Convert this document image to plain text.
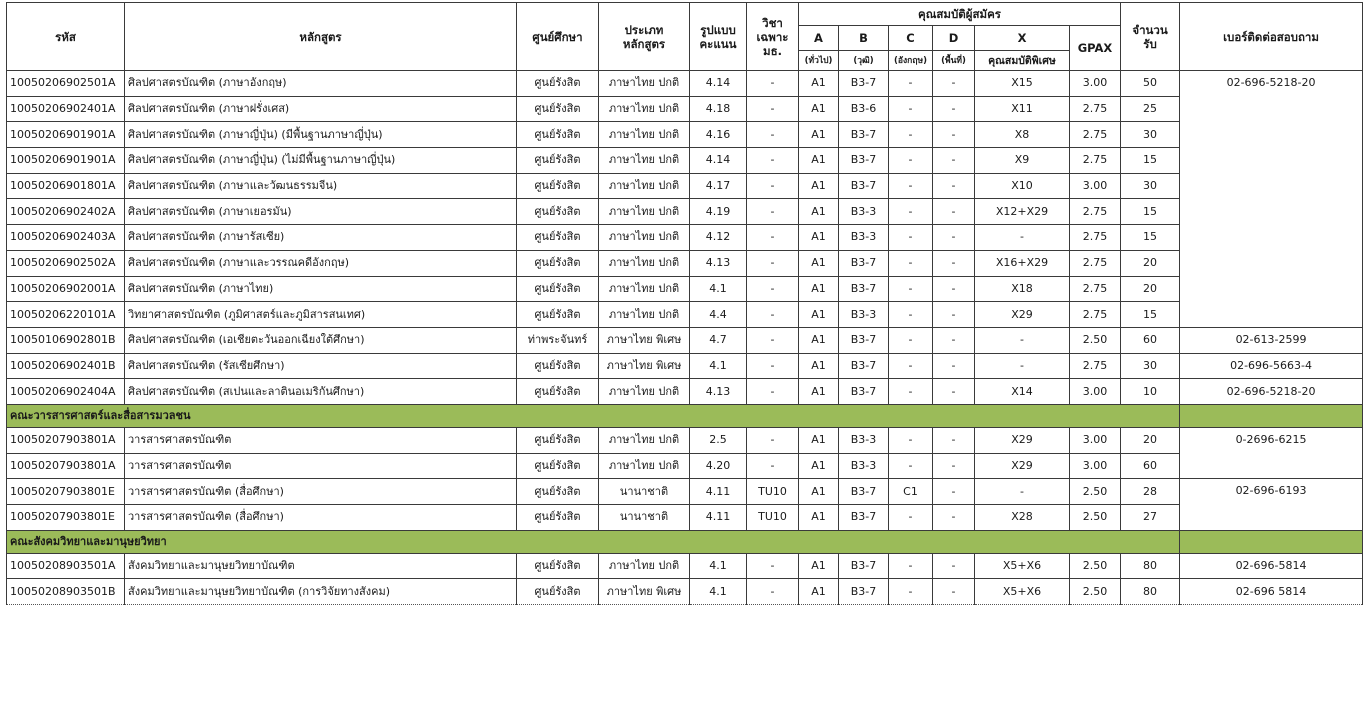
รหัส	หลักสูตร	ศูนย์ศึกษา	ประเภท หลักสูตร	รูปแบบ คะแนน	วิชา เฉพาะ มธ.	คุณสมบัติผู้สมัคร						จำนวน รับ	เบอร์ติดต่อสอบถาม
						A	B	C	D	X	GPAX		
						(ทั่วไป)	(วุฒิ)	(อังกฤษ)	(พื้นที่)	คุณสมบัติพิเศษ			
10050206902501A	ศิลปศาสตรบัณฑิต (ภาษาอังกฤษ)	ศูนย์รังสิต	ภาษาไทย ปกติ	4.14	-	A1	B3-7	-	-	X15	3.00	50	02-696-5218-20
10050206902401A	ศิลปศาสตรบัณฑิต (ภาษาฝรั่งเศส)	ศูนย์รังสิต	ภาษาไทย ปกติ	4.18	-	A1	B3-6	-	-	X11	2.75	25	
10050206901901A	ศิลปศาสตรบัณฑิต (ภาษาญี่ปุ่น) (มีพื้นฐานภาษาญี่ปุ่น)	ศูนย์รังสิต	ภาษาไทย ปกติ	4.16	-	A1	B3-7	-	-	X8	2.75	30	
10050206901901A	ศิลปศาสตรบัณฑิต (ภาษาญี่ปุ่น) (ไม่มีพื้นฐานภาษาญี่ปุ่น)	ศูนย์รังสิต	ภาษาไทย ปกติ	4.14	-	A1	B3-7	-	-	X9	2.75	15	
10050206901801A	ศิลปศาสตรบัณฑิต (ภาษาและวัฒนธรรมจีน)	ศูนย์รังสิต	ภาษาไทย ปกติ	4.17	-	A1	B3-7	-	-	X10	3.00	30	
10050206902402A	ศิลปศาสตรบัณฑิต (ภาษาเยอรมัน)	ศูนย์รังสิต	ภาษาไทย ปกติ	4.19	-	A1	B3-3	-	-	X12+X29	2.75	15	
10050206902403A	ศิลปศาสตรบัณฑิต (ภาษารัสเซีย)	ศูนย์รังสิต	ภาษาไทย ปกติ	4.12	-	A1	B3-3	-	-	-	2.75	15	
10050206902502A	ศิลปศาสตรบัณฑิต (ภาษาและวรรณคดีอังกฤษ)	ศูนย์รังสิต	ภาษาไทย ปกติ	4.13	-	A1	B3-7	-	-	X16+X29	2.75	20	
10050206902001A	ศิลปศาสตรบัณฑิต (ภาษาไทย)	ศูนย์รังสิต	ภาษาไทย ปกติ	4.1	-	A1	B3-7	-	-	X18	2.75	20	
10050206220101A	วิทยาศาสตรบัณฑิต (ภูมิศาสตร์และภูมิสารสนเทศ)	ศูนย์รังสิต	ภาษาไทย ปกติ	4.4	-	A1	B3-3	-	-	X29	2.75	15	
10050106902801B	ศิลปศาสตรบัณฑิต (เอเชียตะวันออกเฉียงใต้ศึกษา)	ท่าพระจันทร์	ภาษาไทย พิเศษ	4.7	-	A1	B3-7	-	-	-	2.50	60	02-613-2599
10050206902401B	ศิลปศาสตรบัณฑิต (รัสเซียศึกษา)	ศูนย์รังสิต	ภาษาไทย พิเศษ	4.1	-	A1	B3-7	-	-	-	2.75	30	02-696-5663-4
10050206902404A	ศิลปศาสตรบัณฑิต (สเปนและลาตินอเมริกันศึกษา)	ศูนย์รังสิต	ภาษาไทย ปกติ	4.13	-	A1	B3-7	-	-	X14	3.00	10	02-696-5218-20
คณะวารสารศาสตร์และสื่อสารมวลชน													
10050207903801A	วารสารศาสตรบัณฑิต	ศูนย์รังสิต	ภาษาไทย ปกติ	2.5	-	A1	B3-3	-	-	X29	3.00	20	0-2696-6215
10050207903801A	วารสารศาสตรบัณฑิต	ศูนย์รังสิต	ภาษาไทย ปกติ	4.20	-	A1	B3-3	-	-	X29	3.00	60	
10050207903801E	วารสารศาสตรบัณฑิต (สื่อศึกษา)	ศูนย์รังสิต	นานาชาติ	4.11	TU10	A1	B3-7	C1	-	-	2.50	28	02-696-6193
10050207903801E	วารสารศาสตรบัณฑิต (สื่อศึกษา)	ศูนย์รังสิต	นานาชาติ	4.11	TU10	A1	B3-7	-	-	X28	2.50	27	
คณะสังคมวิทยาและมานุษยวิทยา													
10050208903501A	สังคมวิทยาและมานุษยวิทยาบัณฑิต	ศูนย์รังสิต	ภาษาไทย ปกติ	4.1	-	A1	B3-7	-	-	X5+X6	2.50	80	02-696-5814
10050208903501B	สังคมวิทยาและมานุษยวิทยาบัณฑิต (การวิจัยทางสังคม)	ศูนย์รังสิต	ภาษาไทย พิเศษ	4.1	-	A1	B3-7	-	-	X5+X6	2.50	80	02-696 5814
